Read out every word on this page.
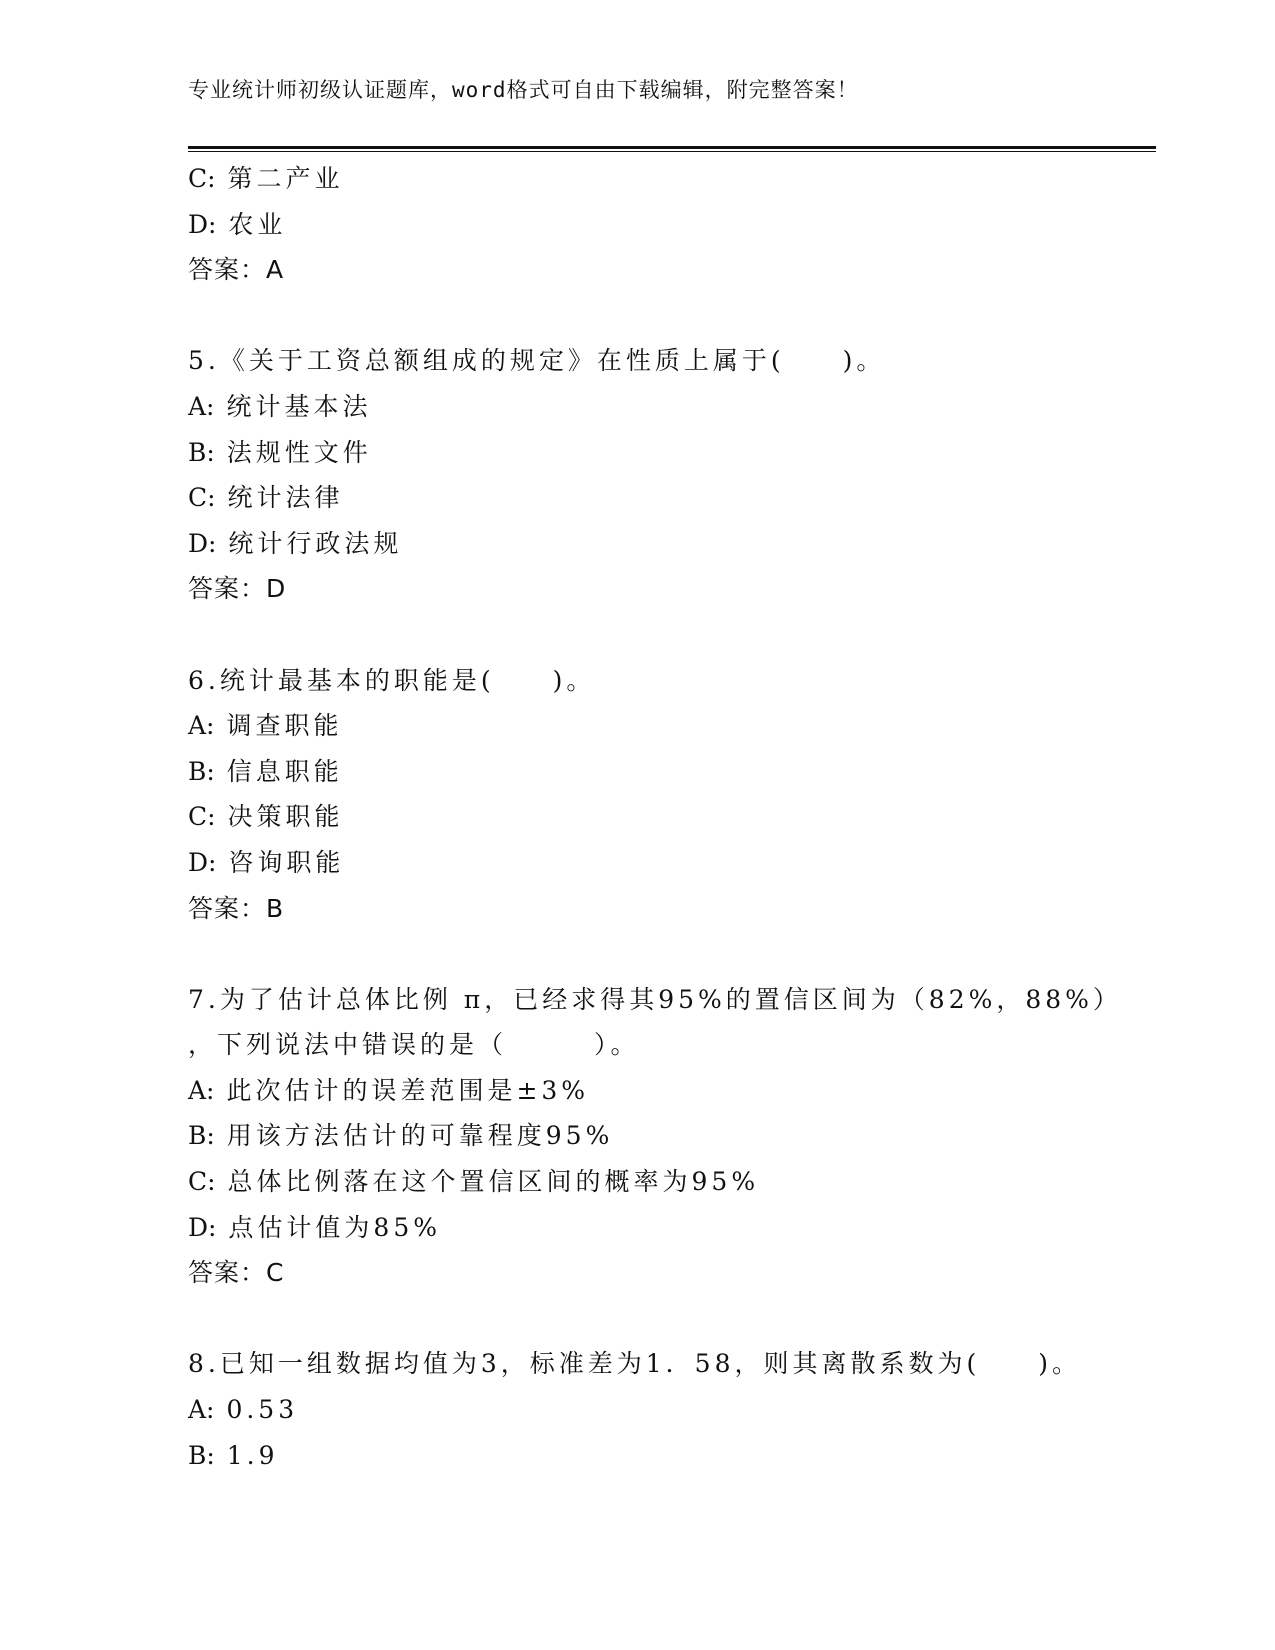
专业统计师初级认证题库，word格式可自由下载编辑，附完整答案！
C: 第二产业
D: 农业
答案：A
5.《关于工资总额组成的规定》在性质上属于(　　)。
A: 统计基本法
B: 法规性文件
C: 统计法律
D: 统计行政法规
答案：D
6.统计最基本的职能是(　　)。
A: 调查职能
B: 信息职能
C: 决策职能
D: 咨询职能
答案：B
7.为了估计总体比例 π，已经求得其95%的置信区间为（82%，88%）
，下列说法中错误的是（　　　）。
A: 此次估计的误差范围是±3%
B: 用该方法估计的可靠程度95%
C: 总体比例落在这个置信区间的概率为95%
D: 点估计值为85%
答案：C
8.已知一组数据均值为3，标准差为1．58，则其离散系数为(　　)。
A: 0.53
B: 1.9
